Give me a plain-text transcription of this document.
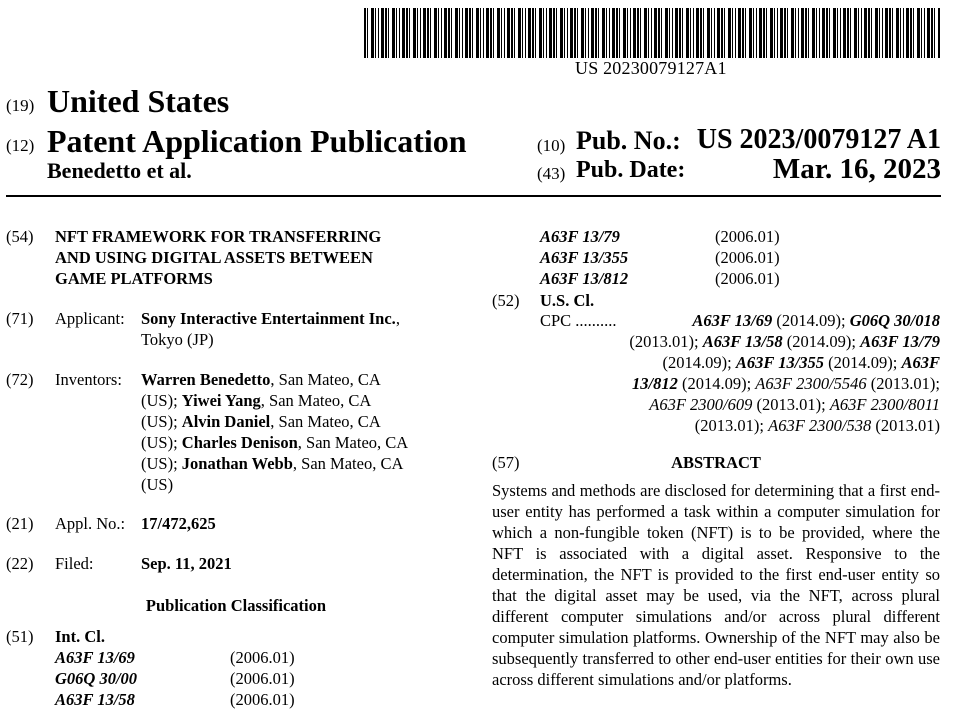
US 20230079127A1
(19) United States
(12) Patent Application Publication
Benedetto et al.
(10) Pub. No.: US 2023/0079127 A1
(43) Pub. Date:	Mar. 16, 2023
(54) NFT FRAMEWORK FOR TRANSFERRING
AND USING DIGITAL ASSETS BETWEEN
GAME PLATFORMS
(71) Applicant: Sony Interactive Entertainment Inc.,
Tokyo (JP)
(72) Inventors: Warren Benedetto, San Mateo, CA
(US); Yiwei Yang, San Mateo, CA
(US); Alvin Daniel, San Mateo, CA
(US); Charles Denison, San Mateo, CA
(US); Jonathan Webb, San Mateo, CA
(US)
(21) Appl. No.: 17/472,625
(22) Filed:	Sep. 11, 2021
Publication Classification
(51) Int. Cl.
A63F 13/69	(2006.01)
G06Q 30/00	(2006.01)
A63F 13/58	(2006.01)
A63F 13/79	(2006.01)
A63F 13/355	(2006.01)
A63F 13/812	(2006.01)
(52) U.S. Cl.
CPC ..........	A63F 13/69 (2014.09); G06Q 30/018
(2013.01); A63F 13/58 (2014.09); A63F 13/79
(2014.09); A63F 13/355 (2014.09); A63F
13/812 (2014.09); A63F 2300/5546 (2013.01);
A63F 2300/609 (2013.01); A63F 2300/8011
(2013.01); A63F 2300/538 (2013.01)
(57)	ABSTRACT
Systems and methods are disclosed for determining that a first end-user entity has performed a task within a computer simulation for which a non-fungible token (NFT) is to be provided, where the NFT is associated with a digital asset. Responsive to the determination, the NFT is provided to the first end-user entity so that the digital asset may be used, via the NFT, across plural different computer simulations and/or across plural different computer simulation platforms. Ownership of the NFT may also be subsequently transferred to other end-user entities for their own use across different simulations and/or platforms.
